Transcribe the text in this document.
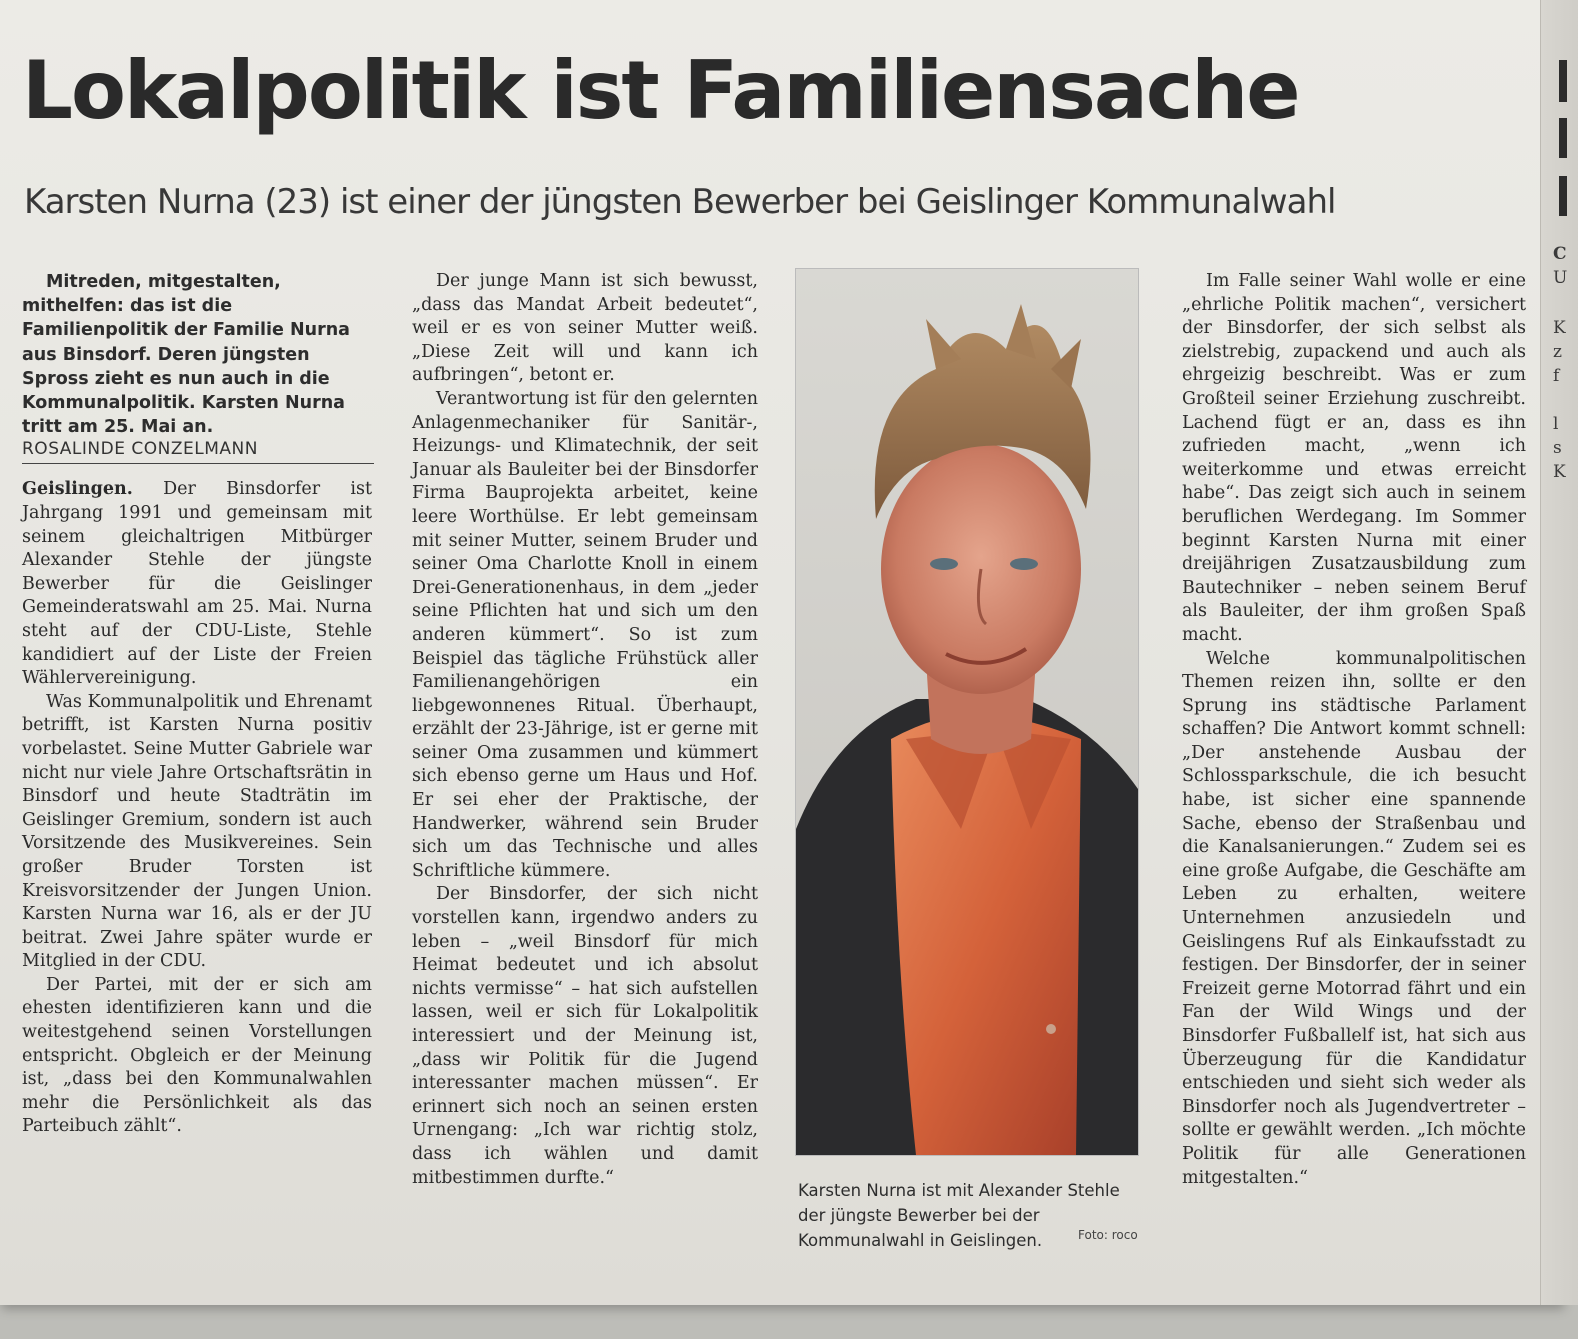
Lokalpolitik ist Familiensache
Karsten Nurna (23) ist einer der jüngsten Bewerber bei Geislinger Kommunalwahl

Mitreden, mitgestalten, mithelfen: das ist die Familienpolitik der Familie Nurna aus Binsdorf. Deren jüngsten Spross zieht es nun auch in die Kommunalpolitik. Karsten Nurna tritt am 25. Mai an.

ROSALINDE CONZELMANN

Geislingen. Der Binsdorfer ist Jahrgang 1991 und gemeinsam mit seinem gleichaltrigen Mitbürger Alexander Stehle der jüngste Bewerber für die Geislinger Gemeinderatswahl am 25. Mai. Nurna steht auf der CDU-Liste, Stehle kandidiert auf der Liste der Freien Wählervereinigung.

Was Kommunalpolitik und Ehrenamt betrifft, ist Karsten Nurna positiv vorbelastet. Seine Mutter Gabriele war nicht nur viele Jahre Ortschaftsrätin in Binsdorf und heute Stadträtin im Geislinger Gremium, sondern ist auch Vorsitzende des Musikvereines. Sein großer Bruder Torsten ist Kreisvorsitzender der Jungen Union. Karsten Nurna war 16, als er der JU beitrat. Zwei Jahre später wurde er Mitglied in der CDU.

Der Partei, mit der er sich am ehesten identifizieren kann und die weitestgehend seinen Vorstellungen entspricht. Obgleich er der Meinung ist, „dass bei den Kommunalwahlen mehr die Persönlichkeit als das Parteibuch zählt“.

Der junge Mann ist sich bewusst, „dass das Mandat Arbeit bedeutet“, weil er es von seiner Mutter weiß. „Diese Zeit will und kann ich aufbringen“, betont er.

Verantwortung ist für den gelernten Anlagenmechaniker für Sanitär-, Heizungs- und Klimatechnik, der seit Januar als Bauleiter bei der Binsdorfer Firma Bauprojekta arbeitet, keine leere Worthülse. Er lebt gemeinsam mit seiner Mutter, seinem Bruder und seiner Oma Charlotte Knoll in einem Drei-Generationenhaus, in dem „jeder seine Pflichten hat und sich um den anderen kümmert“. So ist zum Beispiel das tägliche Frühstück aller Familienangehörigen ein liebgewonnenes Ritual. Überhaupt, erzählt der 23-Jährige, ist er gerne mit seiner Oma zusammen und kümmert sich ebenso gerne um Haus und Hof. Er sei eher der Praktische, der Handwerker, während sein Bruder sich um das Technische und alles Schriftliche kümmere.

Der Binsdorfer, der sich nicht vorstellen kann, irgendwo anders zu leben – „weil Binsdorf für mich Heimat bedeutet und ich absolut nichts vermisse“ – hat sich aufstellen lassen, weil er sich für Lokalpolitik interessiert und der Meinung ist, „dass wir Politik für die Jugend interessanter machen müssen“. Er erinnert sich noch an seinen ersten Urnengang: „Ich war richtig stolz, dass ich wählen und damit mitbestimmen durfte.“

Karsten Nurna ist mit Alexander Stehle der jüngste Bewerber bei der Kommunalwahl in Geislingen.	Foto: roco

Im Falle seiner Wahl wolle er eine „ehrliche Politik machen“, versichert der Binsdorfer, der sich selbst als zielstrebig, zupackend und auch als ehrgeizig beschreibt. Was er zum Großteil seiner Erziehung zuschreibt. Lachend fügt er an, dass es ihn zufrieden macht, „wenn ich weiterkomme und etwas erreicht habe“. Das zeigt sich auch in seinem beruflichen Werdegang. Im Sommer beginnt Karsten Nurna mit einer dreijährigen Zusatzausbildung zum Bautechniker – neben seinem Beruf als Bauleiter, der ihm großen Spaß macht.

Welche kommunalpolitischen Themen reizen ihn, sollte er den Sprung ins städtische Parlament schaffen? Die Antwort kommt schnell: „Der anstehende Ausbau der Schlossparkschule, die ich besucht habe, ist sicher eine spannende Sache, ebenso der Straßenbau und die Kanalsanierungen.“ Zudem sei es eine große Aufgabe, die Geschäfte am Leben zu erhalten, weitere Unternehmen anzusiedeln und Geislingens Ruf als Einkaufsstadt zu festigen. Der Binsdorfer, der in seiner Freizeit gerne Motorrad fährt und ein Fan der Wild Wings und der Binsdorfer Fußballelf ist, hat sich aus Überzeugung für die Kandidatur entschieden und sieht sich weder als Binsdorfer noch als Jugendvertreter – sollte er gewählt werden. „Ich möchte Politik für alle Generationen mitgestalten.“

C
U
K
z
f
l
s
K
